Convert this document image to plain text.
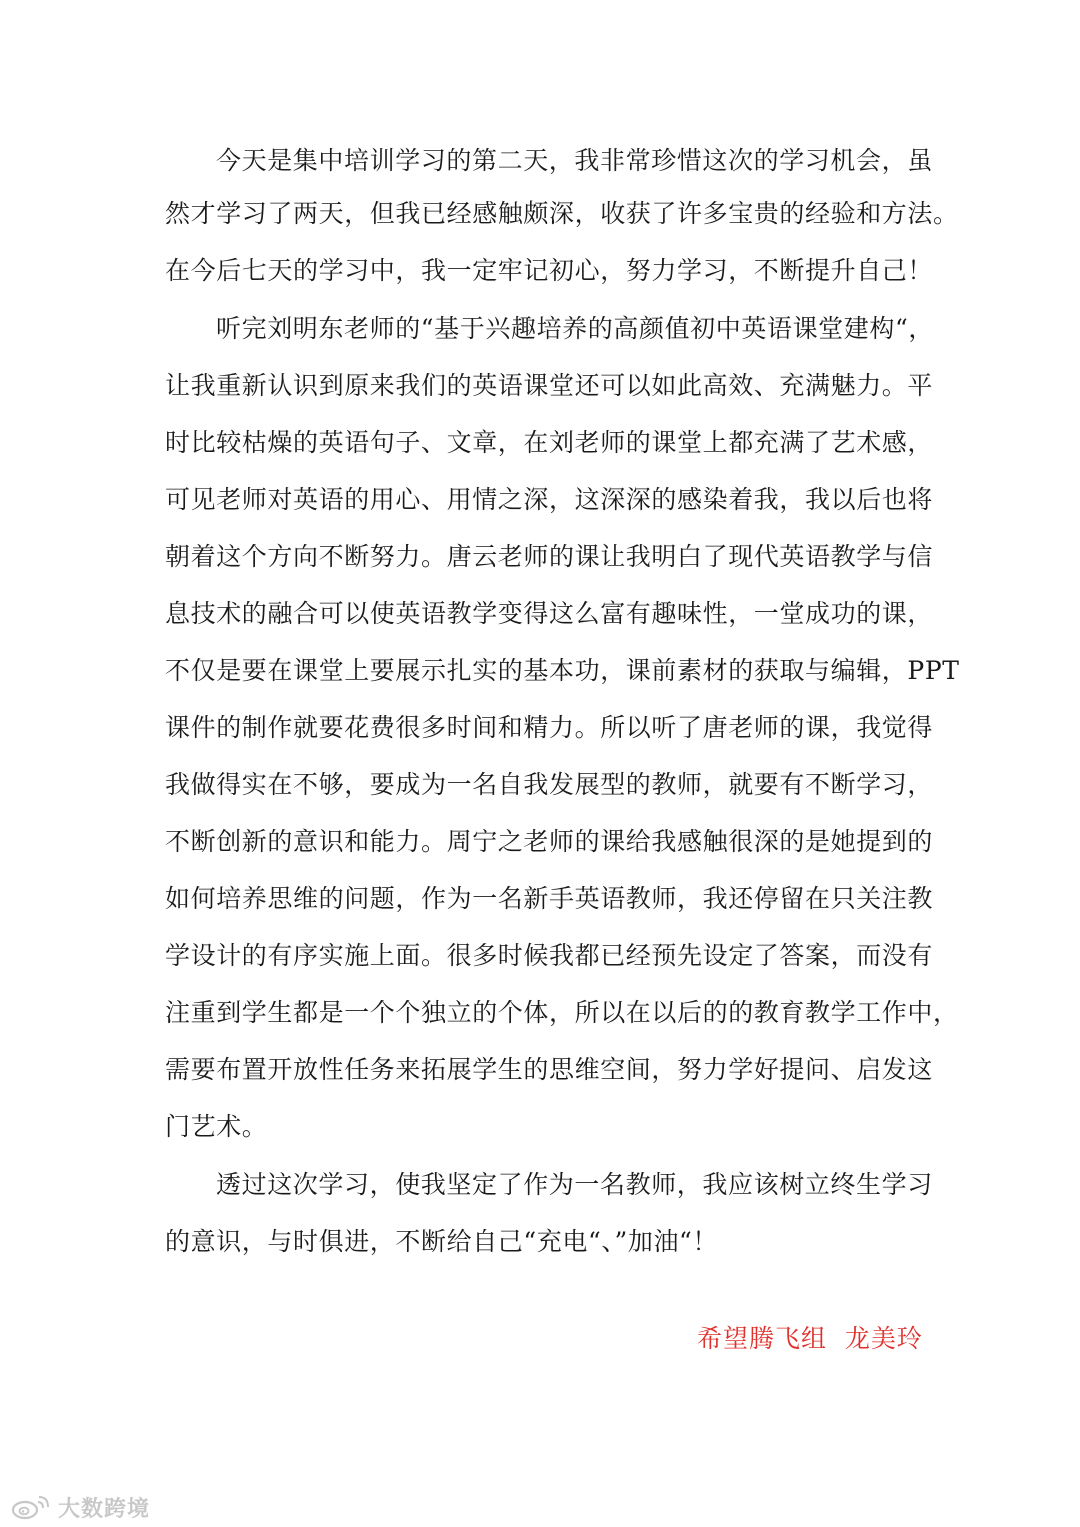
今天是集中培训学习的第二天，我非常珍惜这次的学习机会，虽
然才学习了两天，但我已经感触颇深，收获了许多宝贵的经验和方法。
在今后七天的学习中，我一定牢记初心，努力学习，不断提升自己！
听完刘明东老师的“基于兴趣培养的高颜值初中英语课堂建构“，
让我重新认识到原来我们的英语课堂还可以如此高效、充满魅力。平
时比较枯燥的英语句子、文章，在刘老师的课堂上都充满了艺术感，
可见老师对英语的用心、用情之深，这深深的感染着我，我以后也将
朝着这个方向不断努力。唐云老师的课让我明白了现代英语教学与信
息技术的融合可以使英语教学变得这么富有趣味性，一堂成功的课，
不仅是要在课堂上要展示扎实的基本功，课前素材的获取与编辑，PPT
课件的制作就要花费很多时间和精力。所以听了唐老师的课，我觉得
我做得实在不够，要成为一名自我发展型的教师，就要有不断学习，
不断创新的意识和能力。周宁之老师的课给我感触很深的是她提到的
如何培养思维的问题，作为一名新手英语教师，我还停留在只关注教
学设计的有序实施上面。很多时候我都已经预先设定了答案，而没有
注重到学生都是一个个独立的个体，所以在以后的的教育教学工作中，
需要布置开放性任务来拓展学生的思维空间，努力学好提问、启发这
门艺术。
透过这次学习，使我坚定了作为一名教师，我应该树立终生学习
的意识，与时俱进，不断给自己“充电“、”加油“！
希望腾飞组  龙美玲
大数跨境
